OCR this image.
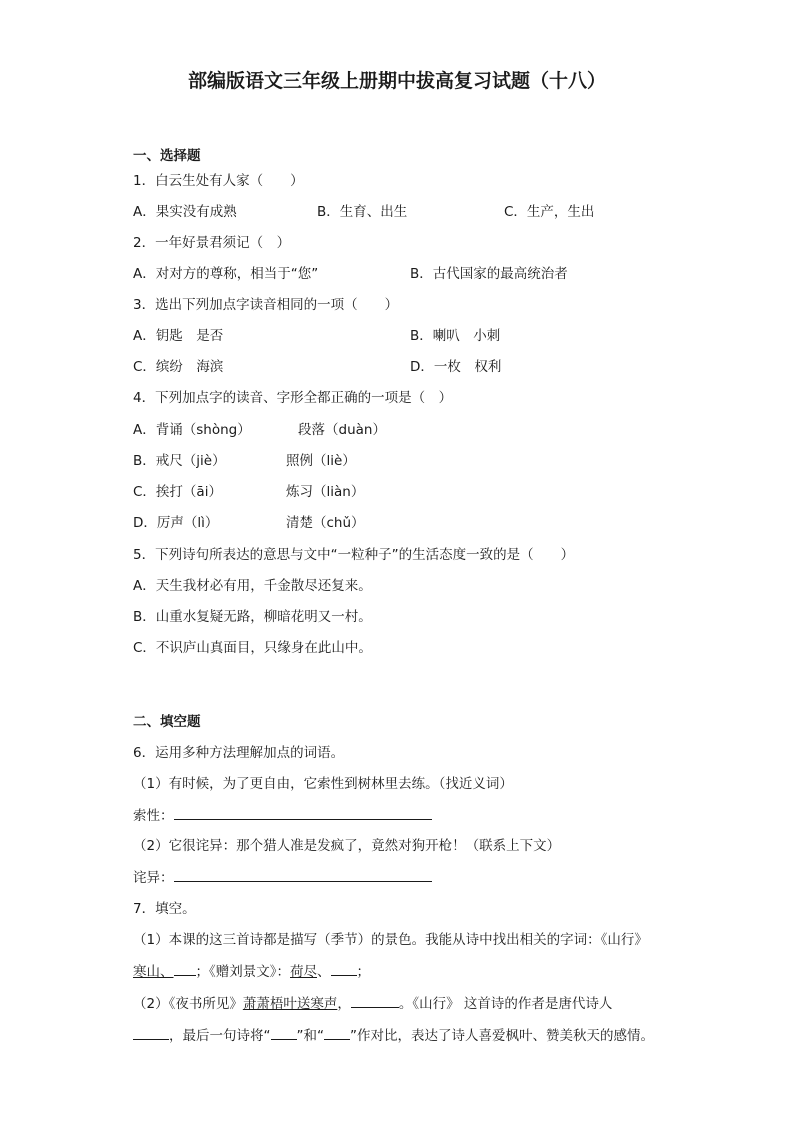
部编版语文三年级上册期中拔高复习试题（十八）
一、选择题
1．白云生处有人家（　　）
A．果实没有成熟	B．生育、出生	C．生产，生出
2．一年好景君须记（　）
A．对对方的尊称，相当于“您”	B．古代国家的最高统治者
3．选出下列加点字读音相同的一项（　　）
A．钥匙　是否	B．喇叭　小刺
C．缤纷　海滨	D．一枚　权利
4．下列加点字的读音、字形全都正确的一项是（　）
A．背诵（shòng）	段落（duàn）
B．戒尺（jiè）	照例（liè）
C．挨打（āi）	炼习（liàn）
D．厉声（lì）	清楚（chǔ）
5．下列诗句所表达的意思与文中“一粒种子”的生活态度一致的是（　　）
A．天生我材必有用，千金散尽还复来。
B．山重水复疑无路，柳暗花明又一村。
C．不识庐山真面目，只缘身在此山中。
二、填空题
6．运用多种方法理解加点的词语。
（1）有时候，为了更自由，它索性到树林里去练。（找近义词）
索性：
（2）它很诧异：那个猎人准是发疯了，竟然对狗开枪！（联系上下文）
诧异：
7．填空。
（1）本课的这三首诗都是描写（季节）的景色。我能从诗中找出相关的字词：《山行》
寒山、 ；《赠刘景文》：荷尽、 ；
（2）《夜书所见》萧萧梧叶送寒声，	。《山行》 这首诗的作者是唐代诗人
，最后一句诗将“ ”和“ ”作对比，表达了诗人喜爱枫叶、赞美秋天的感情。
